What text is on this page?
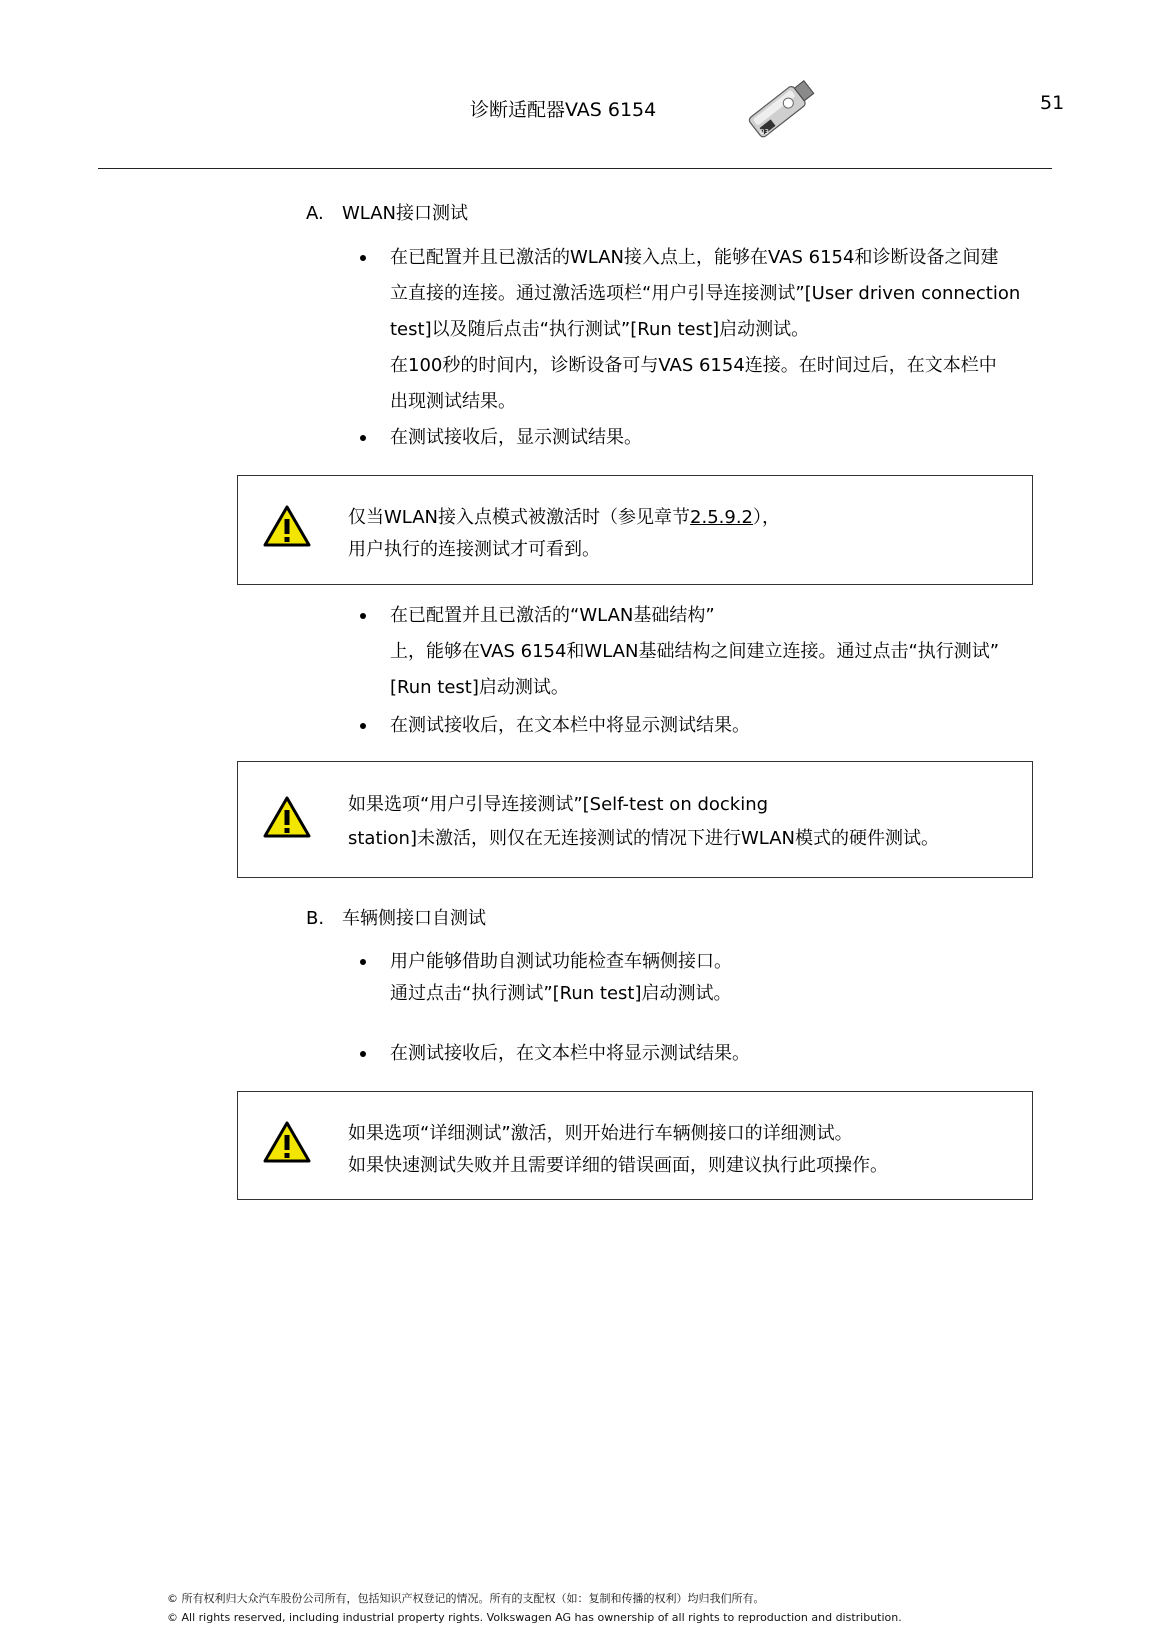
诊断适配器VAS 6154
03
51
A. WLAN接口测试
在已配置并且已激活的WLAN接入点上，能够在VAS 6154和诊断设备之间建
立直接的连接。通过激活选项栏“用户引导连接测试”[User driven connection
test]以及随后点击“执行测试”[Run test]启动测试。
在100秒的时间内，诊断设备可与VAS 6154连接。在时间过后，在文本栏中
出现测试结果。
在测试接收后，显示测试结果。
仅当WLAN接入点模式被激活时（参见章节2.5.9.2），
用户执行的连接测试才可看到。
在已配置并且已激活的“WLAN基础结构”
上，能够在VAS 6154和WLAN基础结构之间建立连接。通过点击“执行测试”
[Run test]启动测试。
在测试接收后，在文本栏中将显示测试结果。
如果选项“用户引导连接测试”[Self-test on docking
station]未激活，则仅在无连接测试的情况下进行WLAN模式的硬件测试。
B. 车辆侧接口自测试
用户能够借助自测试功能检查车辆侧接口。
通过点击“执行测试”[Run test]启动测试。
在测试接收后，在文本栏中将显示测试结果。
如果选项“详细测试”激活，则开始进行车辆侧接口的详细测试。
如果快速测试失败并且需要详细的错误画面，则建议执行此项操作。
© 所有权利归大众汽车股份公司所有，包括知识产权登记的情况。所有的支配权（如：复制和传播的权利）均归我们所有。
© All rights reserved, including industrial property rights. Volkswagen AG has ownership of all rights to reproduction and distribution.
